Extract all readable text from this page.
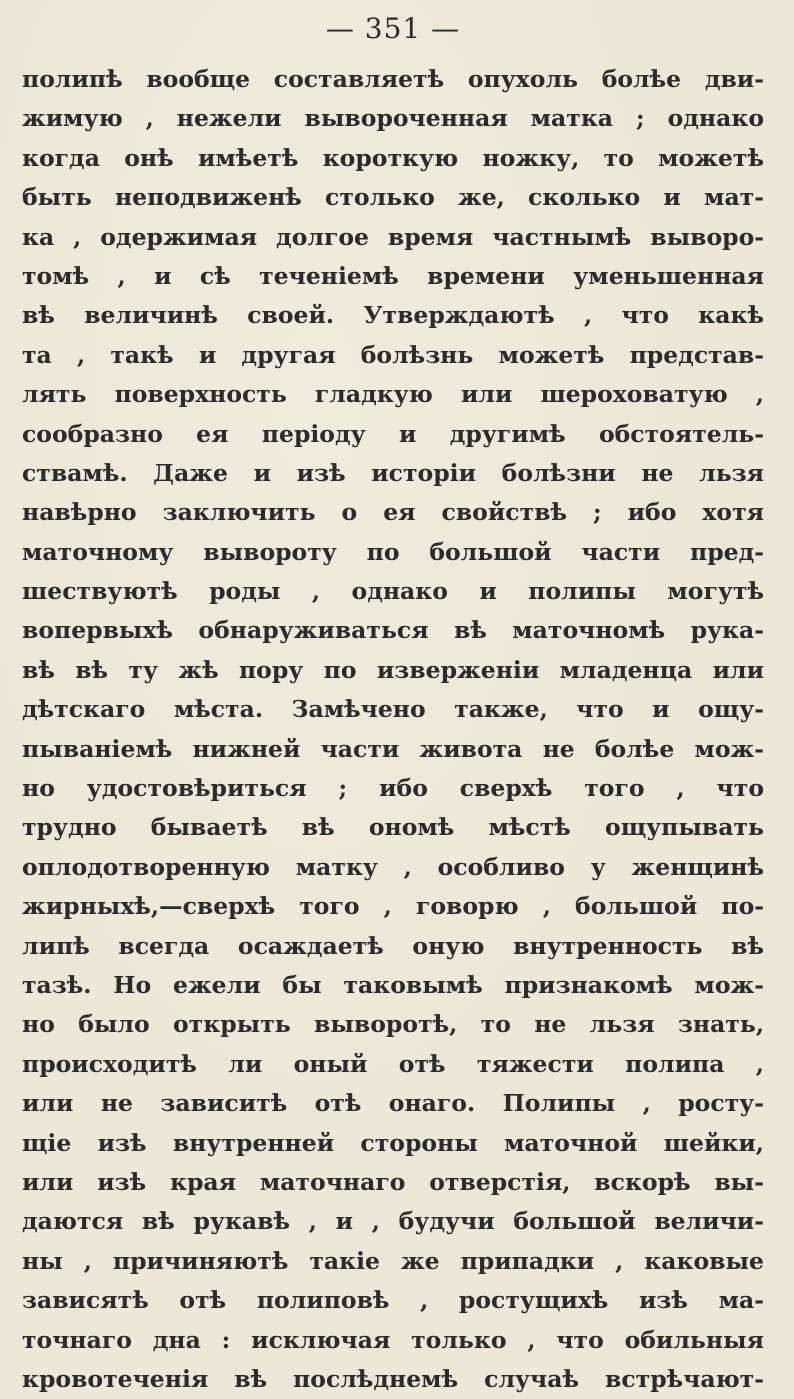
— 351 —
полипѣ вообще составляетѣ опухоль болѣе дви-
жимую , нежели вывороченная матка ; однако
когда онѣ имѣетѣ короткую ножку, то можетѣ
быть неподвиженѣ столько же, сколько и мат-
ка , одержимая долгое время частнымѣ выворо-
томѣ , и сѣ теченіемѣ времени уменьшенная
вѣ величинѣ своей. Утверждаютѣ , что какѣ
та , такѣ и другая болѣзнь можетѣ представ-
лять поверхность гладкую или шероховатую ,
сообразно ея періоду и другимѣ обстоятель-
ствамѣ. Даже и изѣ исторіи болѣзни не льзя
навѣрно заключить о ея свойствѣ ; ибо хотя
маточному вывороту по большой части пред-
шествуютѣ роды , однако и полипы могутѣ
вопервыхѣ обнаруживаться вѣ маточномѣ рука-
вѣ вѣ ту жѣ пору по изверженіи младенца или
дѣтскаго мѣста. Замѣчено также, что и ощу-
пываніемѣ нижней части живота не болѣе мож-
но удостовѣриться ; ибо сверхѣ того , что
трудно бываетѣ вѣ ономѣ мѣстѣ ощупывать
оплодотворенную матку , особливо у женщинѣ
жирныхѣ,—сверхѣ того , говорю , большой по-
липѣ всегда осаждаетѣ оную внутренность вѣ
тазѣ. Но ежели бы таковымѣ признакомѣ мож-
но было открыть выворотѣ, то не льзя знать,
происходитѣ ли оный отѣ тяжести полипа ,
или не зависитѣ отѣ онаго. Полипы , росту-
щіе изѣ внутренней стороны маточной шейки,
или изѣ края маточнаго отверстія, вскорѣ вы-
даются вѣ рукавѣ , и , будучи большой величи-
ны , причиняютѣ такіе же припадки , каковые
зависятѣ отѣ полиповѣ , ростущихѣ изѣ ма-
точнаго дна : исключая только , что обильныя
кровотеченія вѣ послѣднемѣ случаѣ встрѣчают-
